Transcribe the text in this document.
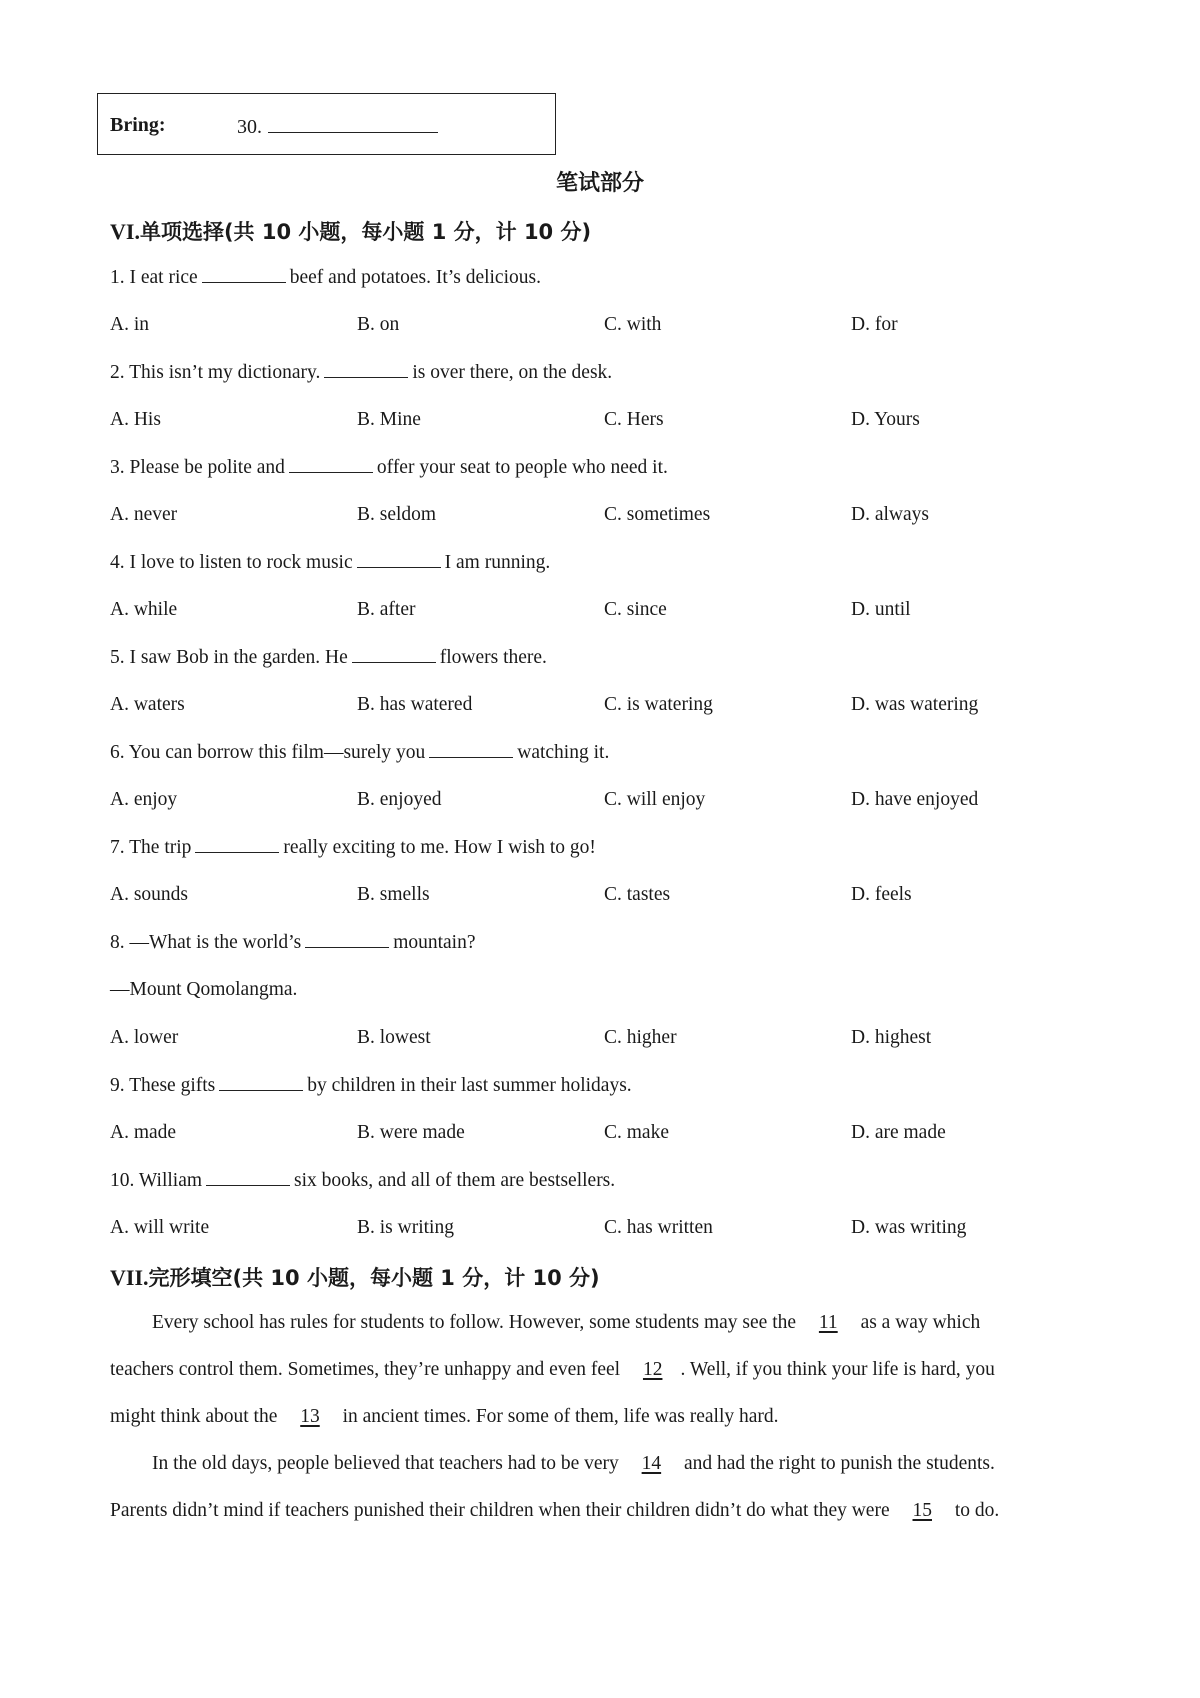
Bring:	30.
笔试部分
VI.单项选择(共 10 小题，每小题 1 分，计 10 分)
1. I eat rice	beef and potatoes. It’s delicious.
A. in	B. on	C. with	D. for
2. This isn’t my dictionary.	is over there, on the desk.
A. His	B. Mine	C. Hers	D. Yours
3. Please be polite and	offer your seat to people who need it.
A. never	B. seldom	C. sometimes	D. always
4. I love to listen to rock music	I am running.
A. while	B. after	C. since	D. until
5. I saw Bob in the garden. He	flowers there.
A. waters	B. has watered	C. is watering	D. was watering
6. You can borrow this film—surely you	watching it.
A. enjoy	B. enjoyed	C. will enjoy	D. have enjoyed
7. The trip	really exciting to me. How I wish to go!
A. sounds	B. smells	C. tastes	D. feels
8. —What is the world’s	mountain?
—Mount Qomolangma.
A. lower	B. lowest	C. higher	D. highest
9. These gifts	by children in their last summer holidays.
A. made	B. were made	C. make	D. are made
10. William	six books, and all of them are bestsellers.
A. will write	B. is writing	C. has written	D. was writing
VII.完形填空(共 10 小题，每小题 1 分，计 10 分)
Every school has rules for students to follow. However, some students may see the 11 as a way which
teachers control them. Sometimes, they’re unhappy and even feel 12 . Well, if you think your life is hard, you
might think about the 13 in ancient times. For some of them, life was really hard.
In the old days, people believed that teachers had to be very 14 and had the right to punish the students.
Parents didn’t mind if teachers punished their children when their children didn’t do what they were 15 to do.
